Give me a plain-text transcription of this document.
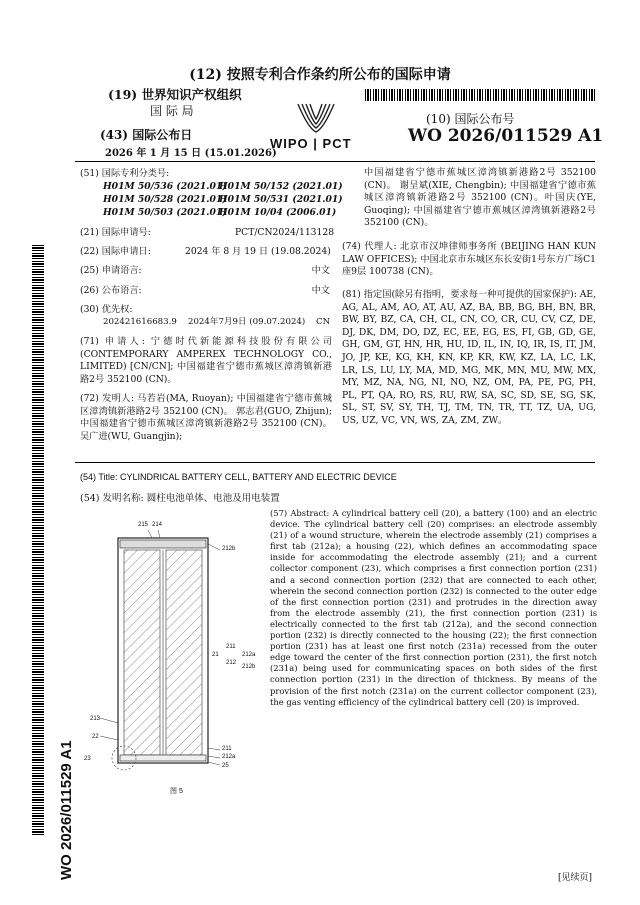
(12) 按照专利合作条约所公布的国际申请
(19) 世界知识产权组织
国 际 局
(43) 国际公布日
2026 年 1 月 15 日 (15.01.2026)
WIPO | PCT
(10) 国际公布号
WO 2026/011529 A1
WO 2026/011529 A1
(51) 国际专利分类号:
H01M 50/536 (2021.01)
H01M 50/152 (2021.01)
H01M 50/528 (2021.01)
H01M 50/531 (2021.01)
H01M 50/503 (2021.01)
H01M 10/04 (2006.01)
(21) 国际申请号:	PCT/CN2024/113128
(22) 国际申请日:	2024 年 8 月 19 日 (19.08.2024)
(25) 申请语言:	中文
(26) 公布语言:	中文
(30) 优先权:
202421616683.9 2024年7月9日 (09.07.2024) CN
(71) 申请人: 宁德时代新能源科技股份有限公司 (CONTEMPORARY AMPEREX TECHNOLOGY CO., LIMITED) [CN/CN]; 中国福建省宁德市蕉城区漳湾镇新港路2号 352100 (CN)。
(72) 发明人: 马若岩(MA, Ruoyan); 中国福建省宁德市蕉城区漳湾镇新港路2号 352100 (CN)。 郭志君(GUO, Zhijun); 中国福建省宁德市蕉城区漳湾镇新港路2号 352100 (CN)。 吴广进(WU, Guangjin);
中国福建省宁德市蕉城区漳湾镇新港路2号 352100 (CN)。 谢呈斌(XIE, Chengbin); 中国福建省宁德市蕉城区漳湾镇新港路2号 352100 (CN)。叶国庆(YE, Guoqing); 中国福建省宁德市蕉城区漳湾镇新港路2号 352100 (CN)。
(74) 代理人: 北京市汉坤律师事务所 (BEIJING HAN KUN LAW OFFICES); 中国北京市东城区东长安街1号东方广场C1座9层 100738 (CN)。
(81) 指定国(除另有指明，要求每一种可提供的国家保护): AE, AG, AL, AM, AO, AT, AU, AZ, BA, BB, BG, BH, BN, BR, BW, BY, BZ, CA, CH, CL, CN, CO, CR, CU, CV, CZ, DE, DJ, DK, DM, DO, DZ, EC, EE, EG, ES, FI, GB, GD, GE, GH, GM, GT, HN, HR, HU, ID, IL, IN, IQ, IR, IS, IT, JM, JO, JP, KE, KG, KH, KN, KP, KR, KW, KZ, LA, LC, LK, LR, LS, LU, LY, MA, MD, MG, MK, MN, MU, MW, MX, MY, MZ, NA, NG, NI, NO, NZ, OM, PA, PE, PG, PH, PL, PT, QA, RO, RS, RU, RW, SA, SC, SD, SE, SG, SK, SL, ST, SV, SY, TH, TJ, TM, TN, TR, TT, TZ, UA, UG, US, UZ, VC, VN, WS, ZA, ZM, ZW。
(54) Title: CYLINDRICAL BATTERY CELL, BATTERY AND ELECTRIC DEVICE
(54) 发明名称: 圆柱电池单体、电池及用电装置
215 214
212b
211
21
212
212a
212b
213
22
23
211
212a
25
图 5
(57) Abstract: A cylindrical battery cell (20), a battery (100) and an electric device. The cylindrical battery cell (20) comprises: an electrode assembly (21) of a wound structure, wherein the electrode assembly (21) comprises a first tab (212a); a housing (22), which defines an accommodating space inside for accommodating the electrode assembly (21); and a current collector component (23), which comprises a first connection portion (231) and a second connection portion (232) that are connected to each other, wherein the second connection portion (232) is connected to the outer edge of the first connection portion (231) and protrudes in the direction away from the electrode assembly (21), the first connection portion (231) is electrically connected to the first tab (212a), and the second connection portion (232) is directly connected to the housing (22); the first connection portion (231) has at least one first notch (231a) recessed from the outer edge toward the center of the first connection portion (231), the first notch (231a) being used for communicating spaces on both sides of the first connection portion (231) in the direction of thickness. By means of the provision of the first notch (231a) on the current collector component (23), the gas venting efficiency of the cylindrical battery cell (20) is improved.
[见续页]
